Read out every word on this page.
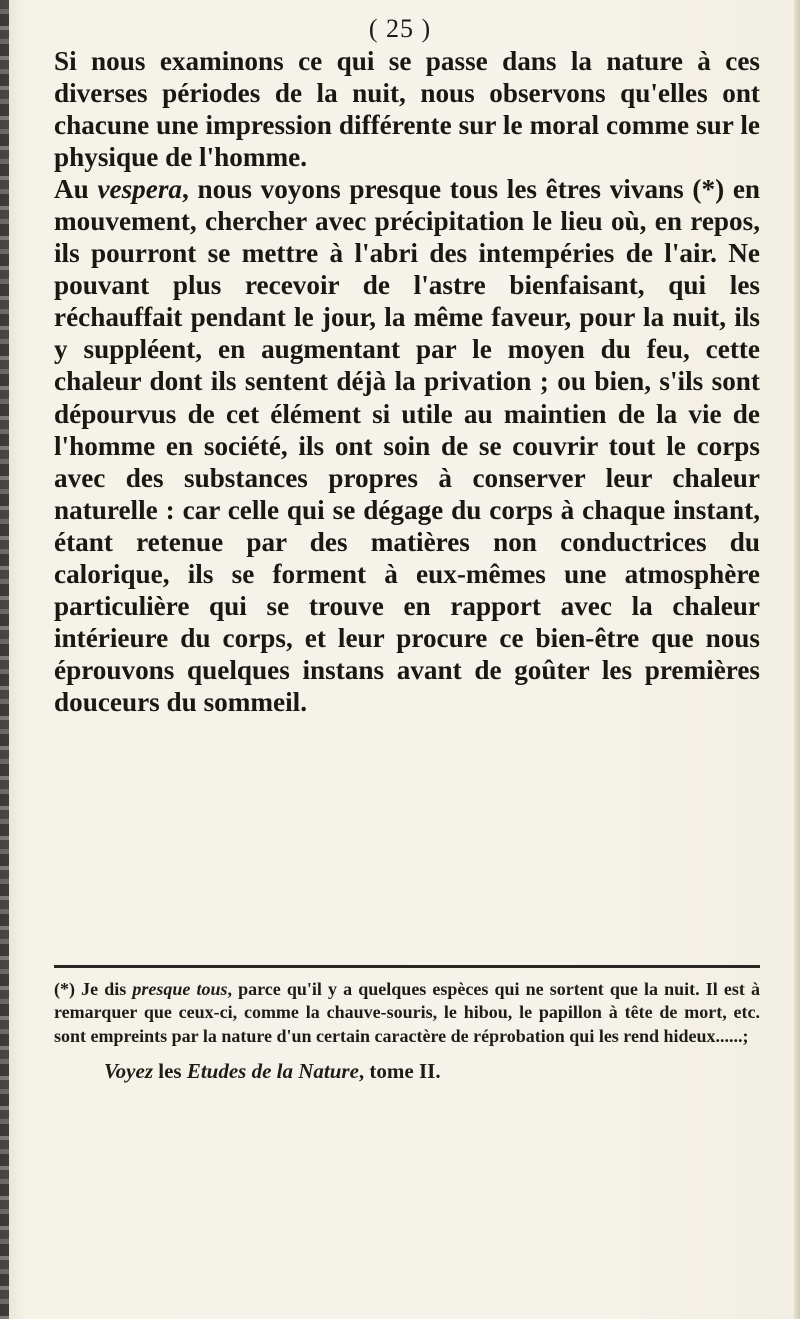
( 25 )

Si nous examinons ce qui se passe dans la nature à ces diverses périodes de la nuit, nous observons qu'elles ont chacune une impression différente sur le moral comme sur le physique de l'homme.

Au vespera, nous voyons presque tous les êtres vivans (*) en mouvement, chercher avec précipitation le lieu où, en repos, ils pourront se mettre à l'abri des intempéries de l'air. Ne pouvant plus recevoir de l'astre bienfaisant, qui les réchauffait pendant le jour, la même faveur, pour la nuit, ils y suppléent, en augmentant par le moyen du feu, cette chaleur dont ils sentent déjà la privation ; ou bien, s'ils sont dépourvus de cet élément si utile au maintien de la vie de l'homme en société, ils ont soin de se couvrir tout le corps avec des substances propres à conserver leur chaleur naturelle : car celle qui se dégage du corps à chaque instant, étant retenue par des matières non conductrices du calorique, ils se forment à eux-mêmes une atmosphère particulière qui se trouve en rapport avec la chaleur intérieure du corps, et leur procure ce bien-être que nous éprouvons quelques instans avant de goûter les premières douceurs du sommeil.

(*) Je dis presque tous, parce qu'il y a quelques espèces qui ne sortent que la nuit. Il est à remarquer que ceux-ci, comme la chauve-souris, le hibou, le papillon à tête de mort, etc. sont empreints par la nature d'un certain caractère de réprobation qui les rend hideux......;

Voyez les Etudes de la Nature, tome II.
